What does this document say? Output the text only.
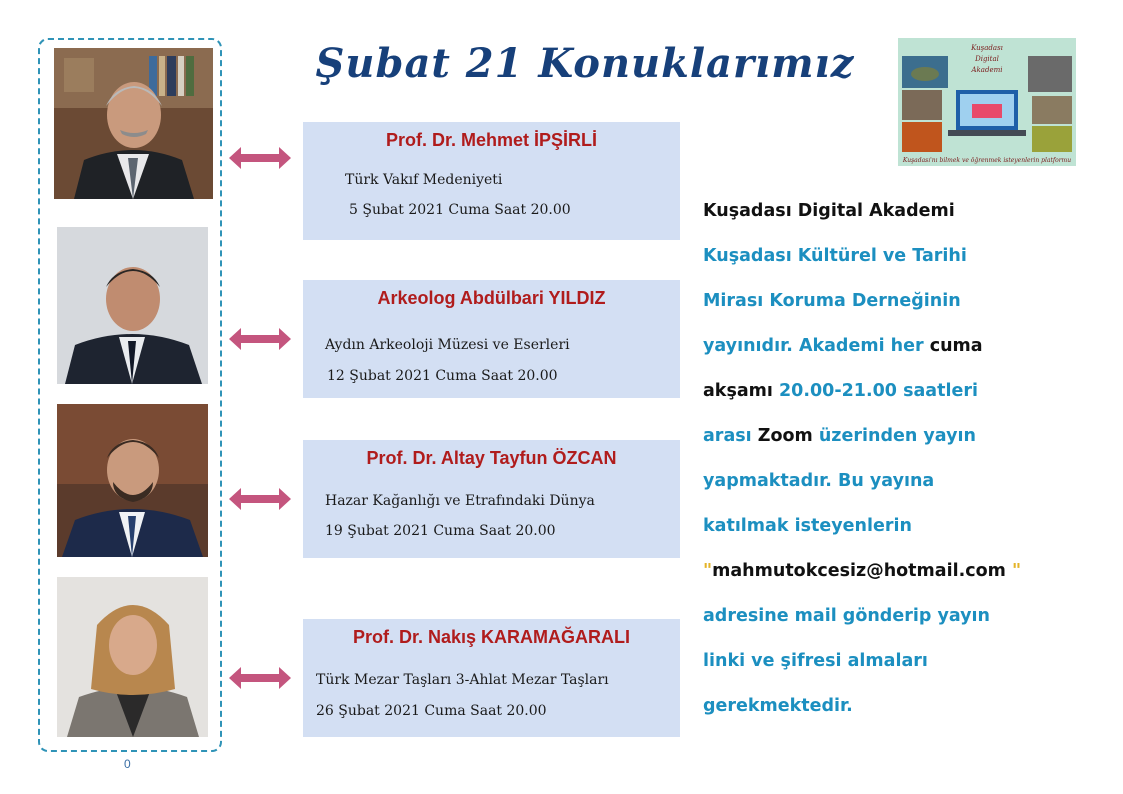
0
Şubat 21 Konuklarımız	Kuşadası
Digital
Akademi
Kuşadası'nı bilmek ve öğrenmek isteyenlerin platformu
Prof. Dr. Mehmet İPŞİRLİ
Türk Vakıf Medeniyeti
5 Şubat 2021 Cuma Saat 20.00
Arkeolog Abdülbari YILDIZ
Aydın Arkeoloji Müzesi ve Eserleri
12 Şubat 2021 Cuma Saat 20.00
Prof. Dr. Altay Tayfun ÖZCAN
Hazar Kağanlığı ve Etrafındaki Dünya
19 Şubat 2021 Cuma Saat 20.00
Prof. Dr. Nakış KARAMAĞARALI
Türk Mezar Taşları 3-Ahlat Mezar Taşları
26 Şubat 2021 Cuma Saat 20.00
Kuşadası Digital Akademi
Kuşadası Kültürel ve Tarihi
Mirası Koruma Derneğinin
yayınıdır. Akademi her cuma
akşamı 20.00-21.00 saatleri
arası Zoom üzerinden yayın
yapmaktadır. Bu yayına
katılmak isteyenlerin
"mahmutokcesiz@hotmail.com "
adresine mail gönderip yayın
linki ve şifresi almaları
gerekmektedir.
